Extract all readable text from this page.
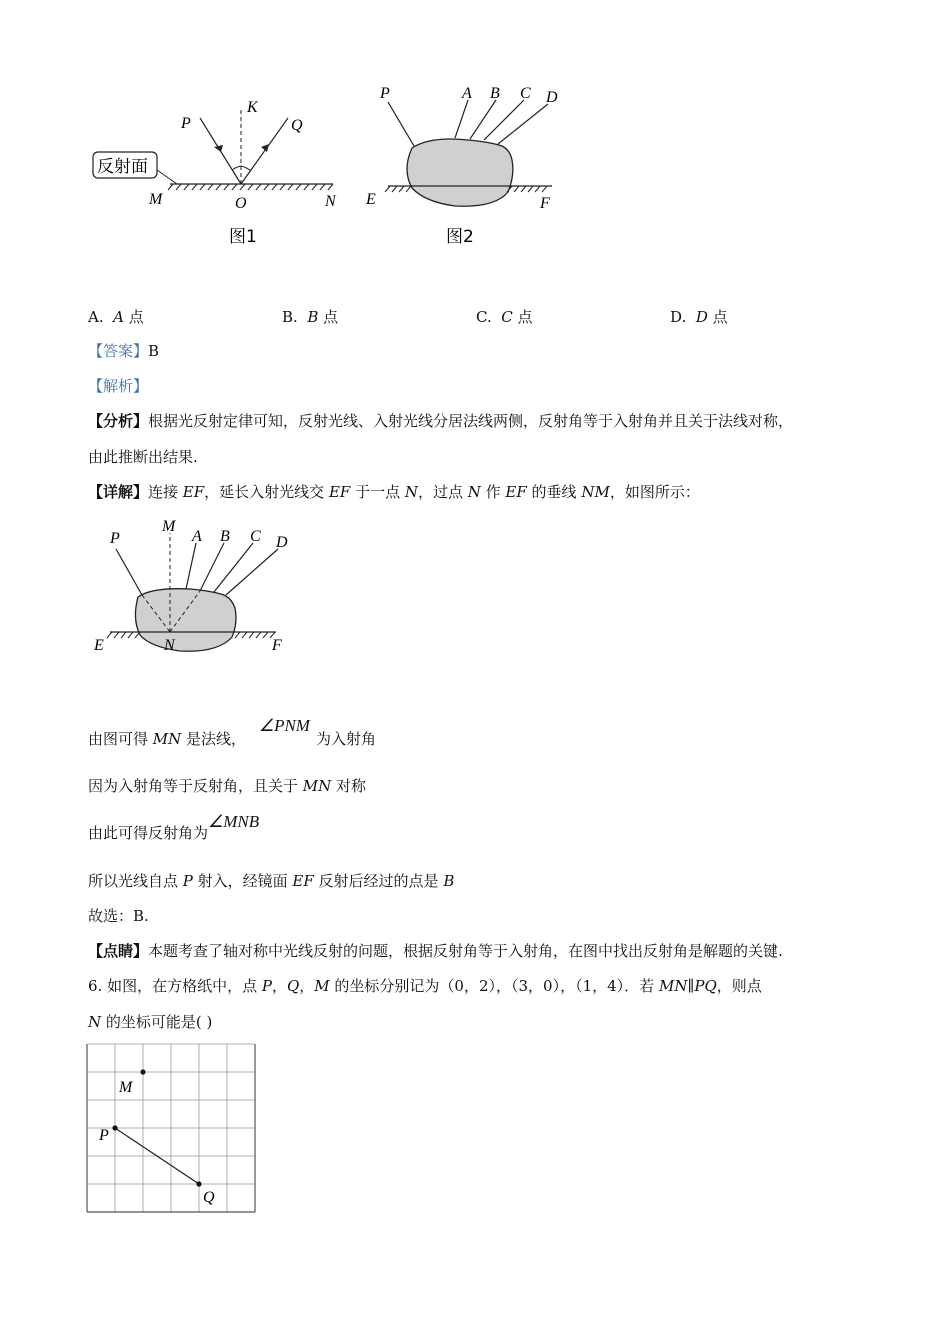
反射面
P
K
Q
M	O	N
图1
P	A B C D
E	F
图2
A. A 点	B. B 点	C. C 点	D. D 点
【答案】B
【解析】
【分析】根据光反射定律可知，反射光线、入射光线分居法线两侧，反射角等于入射角并且关于法线对称，
由此推断出结果.
【详解】连接 EF，延长入射光线交 EF 于一点 N，过点 N 作 EF 的垂线 NM，如图所示：
P
M
A B C D
E	N	F
由图可得 MN 是法线， ∠PNM为入射角
因为入射角等于反射角，且关于 MN 对称
由此可得反射角为∠MNB
所以光线自点 P 射入，经镜面 EF 反射后经过的点是 B
故选：B.
【点睛】本题考查了轴对称中光线反射的问题，根据反射角等于入射角，在图中找出反射角是解题的关键.
6. 如图，在方格纸中，点 P，Q，M 的坐标分别记为（0，2），（3，0），（1，4）．若 MN∥PQ，则点
N 的坐标可能是( )
M
P
Q
